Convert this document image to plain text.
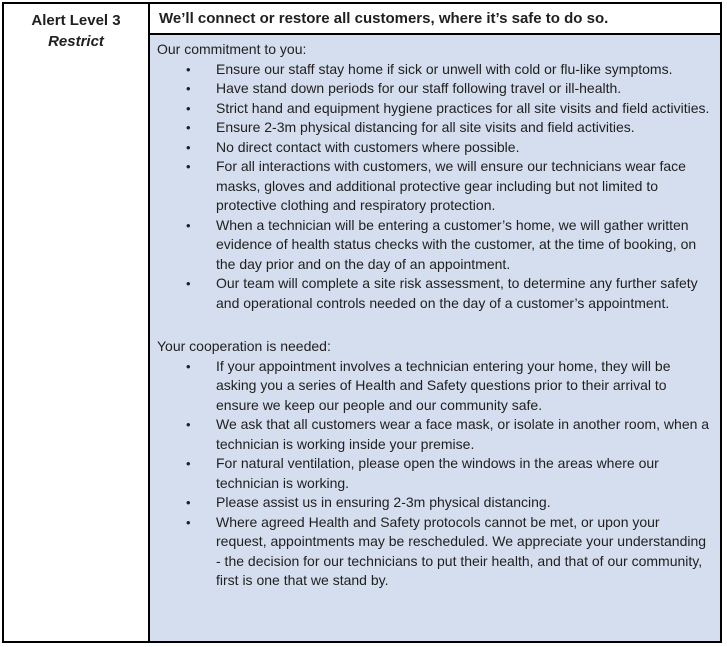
Alert Level 3
Restrict
We’ll connect or restore all customers, where it’s safe to do so.

Our commitment to you:

•	Ensure our staff stay home if sick or unwell with cold or flu-like symptoms.
•	Have stand down periods for our staff following travel or ill-health.
•	Strict hand and equipment hygiene practices for all site visits and field activities.
•	Ensure 2-3m physical distancing for all site visits and field activities.
•	No direct contact with customers where possible.
•	For all interactions with customers, we will ensure our technicians wear face masks, gloves and additional protective gear including but not limited to protective clothing and respiratory protection.
•	When a technician will be entering a customer’s home, we will gather written evidence of health status checks with the customer, at the time of booking, on the day prior and on the day of an appointment.
•	Our team will complete a site risk assessment, to determine any further safety and operational controls needed on the day of a customer’s appointment.

Your cooperation is needed:

•	If your appointment involves a technician entering your home, they will be asking you a series of Health and Safety questions prior to their arrival to ensure we keep our people and our community safe.
•	We ask that all customers wear a face mask, or isolate in another room, when a technician is working inside your premise.
•	For natural ventilation, please open the windows in the areas where our technician is working.
•	Please assist us in ensuring 2-3m physical distancing.
•	Where agreed Health and Safety protocols cannot be met, or upon your request, appointments may be rescheduled. We appreciate your understanding - the decision for our technicians to put their health, and that of our community, first is one that we stand by.
